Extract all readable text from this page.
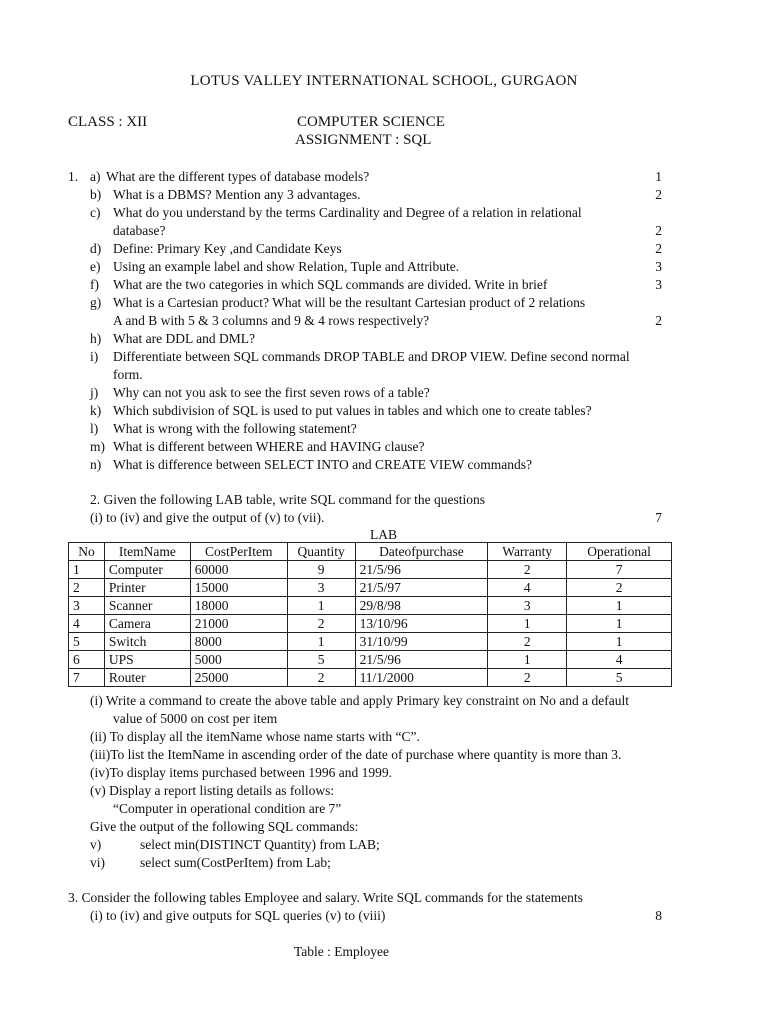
LOTUS VALLEY INTERNATIONAL SCHOOL, GURGAON
CLASS : XII	COMPUTER SCIENCE
ASSIGNMENT : SQL
1. a) What are the different types of database models?	1
b) What is a DBMS? Mention any 3 advantages.	2
c) What do you understand by the terms Cardinality and Degree of a relation in relational
database?	2
d) Define: Primary Key ,and Candidate Keys	2
e) Using an example label and show Relation, Tuple and Attribute.	3
f) What are the two categories in which SQL commands are divided. Write in brief	3
g) What is a Cartesian product? What will be the resultant Cartesian product of 2 relations
A and B with 5 & 3 columns and 9 & 4 rows respectively?	2
h) What are DDL and DML?
i) Differentiate between SQL commands DROP TABLE and DROP VIEW. Define second normal
form.
j) Why can not you ask to see the first seven rows of a table?
k) Which subdivision of SQL is used to put values in tables and which one to create tables?
l) What is wrong with the following statement?
m) What is different between WHERE and HAVING clause?
n) What is difference between SELECT INTO and CREATE VIEW commands?
2. Given the following LAB table, write SQL command for the questions
(i) to (iv) and give the output of (v) to (vii).	7
LAB
No	ItemName	CostPerItem	Quantity	Dateofpurchase	Warranty	Operational
1	Computer	60000	9	21/5/96	2	7
2	Printer	15000	3	21/5/97	4	2
3	Scanner	18000	1	29/8/98	3	1
4	Camera	21000	2	13/10/96	1	1
5	Switch	8000	1	31/10/99	2	1
6	UPS	5000	5	21/5/96	1	4
7	Router	25000	2	11/1/2000	2	5
(i) Write a command to create the above table and apply Primary key constraint on No and a default
value of 5000 on cost per item
(ii) To display all the itemName whose name starts with “C”.
(iii)To list the ItemName in ascending order of the date of purchase where quantity is more than 3.
(iv)To display items purchased between 1996 and 1999.
(v) Display a report listing details as follows:
“Computer in operational condition are 7”
Give the output of the following SQL commands:
v)	select min(DISTINCT Quantity) from LAB;
vi)	select sum(CostPerItem) from Lab;
3. Consider the following tables Employee and salary. Write SQL commands for the statements
(i) to (iv) and give outputs for SQL queries (v) to (viii)	8
Table : Employee
